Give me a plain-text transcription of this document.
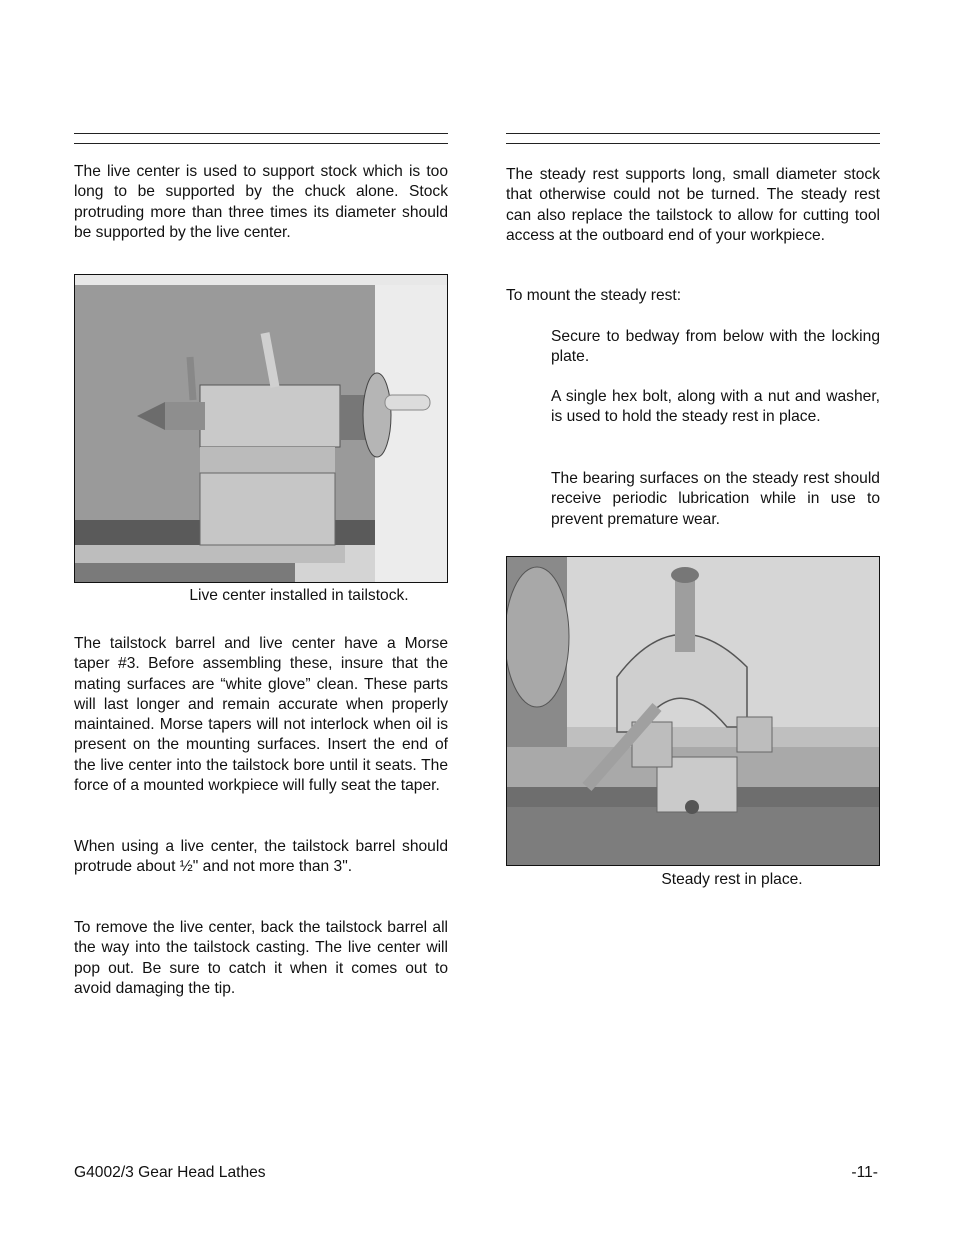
The live center is used to support stock which is too long to be supported by the chuck alone. Stock protruding more than three times its diameter should be supported by the live center.

Live center installed in tailstock.

The tailstock barrel and live center have a Morse taper #3. Before assembling these, insure that the mating surfaces are “white glove” clean. These parts will last longer and remain accurate when properly maintained. Morse tapers will not interlock when oil is present on the mounting surfaces. Insert the end of the live center into the tailstock bore until it seats. The force of a mounted workpiece will fully seat the taper.

When using a live center, the tailstock barrel should protrude about ½" and not more than 3".

To remove the live center, back the tailstock barrel all the way into the tailstock casting. The live center will pop out. Be sure to catch it when it comes out to avoid damaging the tip.

The steady rest supports long, small diameter stock that otherwise could not be turned. The steady rest can also replace the tailstock to allow for cutting tool access at the outboard end of your workpiece.

To mount the steady rest:

Secure to bedway from below with the locking plate.

A single hex bolt, along with a nut and washer, is used to hold the steady rest in place.

The bearing surfaces on the steady rest should receive periodic lubrication while in use to prevent premature wear.

Steady rest in place.

G4002/3 Gear Head Lathes	-11-
